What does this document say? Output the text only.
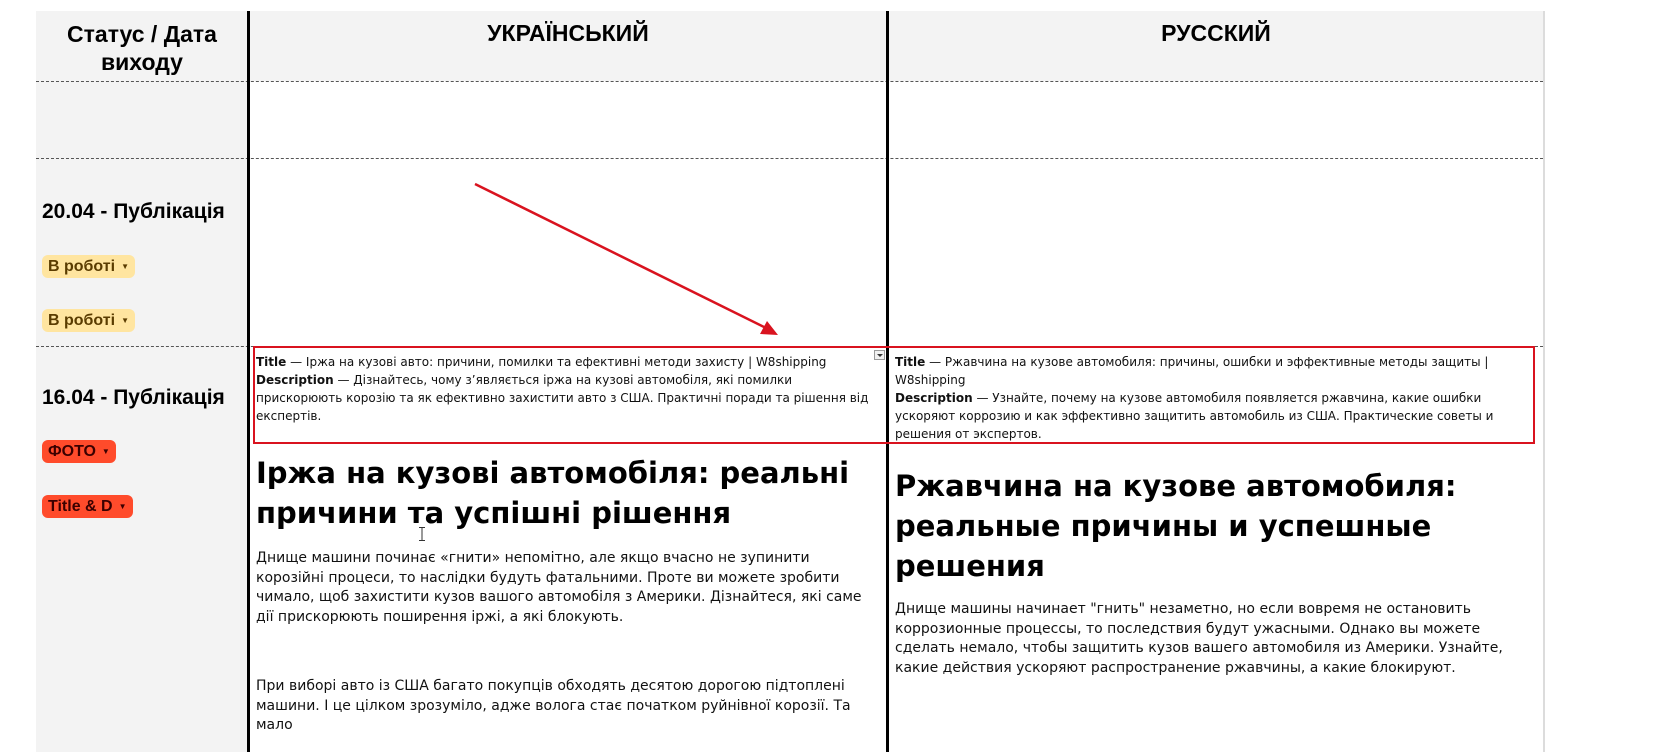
Статус / Дата виходу
УКРАЇНСЬКИЙ	РУССКИЙ
20.04 - Публікація
В роботі ▼
В роботі ▼
16.04 - Публікація
ФОТО ▼
Title & D ▼
Title — Іржа на кузові авто: причини, помилки та ефективні методи захисту | W8shipping
Description — Дізнайтесь, чому з’являється іржа на кузові автомобіля, які помилки прискорюють корозію та як ефективно захистити авто з США. Практичні поради та рішення від експертів.
Title — Ржавчина на кузове автомобиля: причины, ошибки и эффективные методы защиты | W8shipping
Description — Узнайте, почему на кузове автомобиля появляется ржавчина, какие ошибки ускоряют коррозию и как эффективно защитить автомобиль из США. Практические советы и решения от экспертов.
Іржа на кузові автомобіля: реальні причини та успішні рішення
Днище машини починає «гнити» непомітно, але якщо вчасно не зупинити корозійні процеси, то наслідки будуть фатальними. Проте ви можете зробити чимало, щоб захистити кузов вашого автомобіля з Америки. Дізнайтеся, які саме дії прискорюють поширення іржі, а які блокують.
При виборі авто із США багато покупців обходять десятою дорогою підтоплені машини. І це цілком зрозуміло, адже волога стає початком руйнівної корозії. Та мало
Ржавчина на кузове автомобиля: реальные причины и успешные решения
Днище машины начинает "гнить" незаметно, но если вовремя не остановить коррозионные процессы, то последствия будут ужасными. Однако вы можете сделать немало, чтобы защитить кузов вашего автомобиля из Америки. Узнайте, какие действия ускоряют распространение ржавчины, а какие блокируют.
